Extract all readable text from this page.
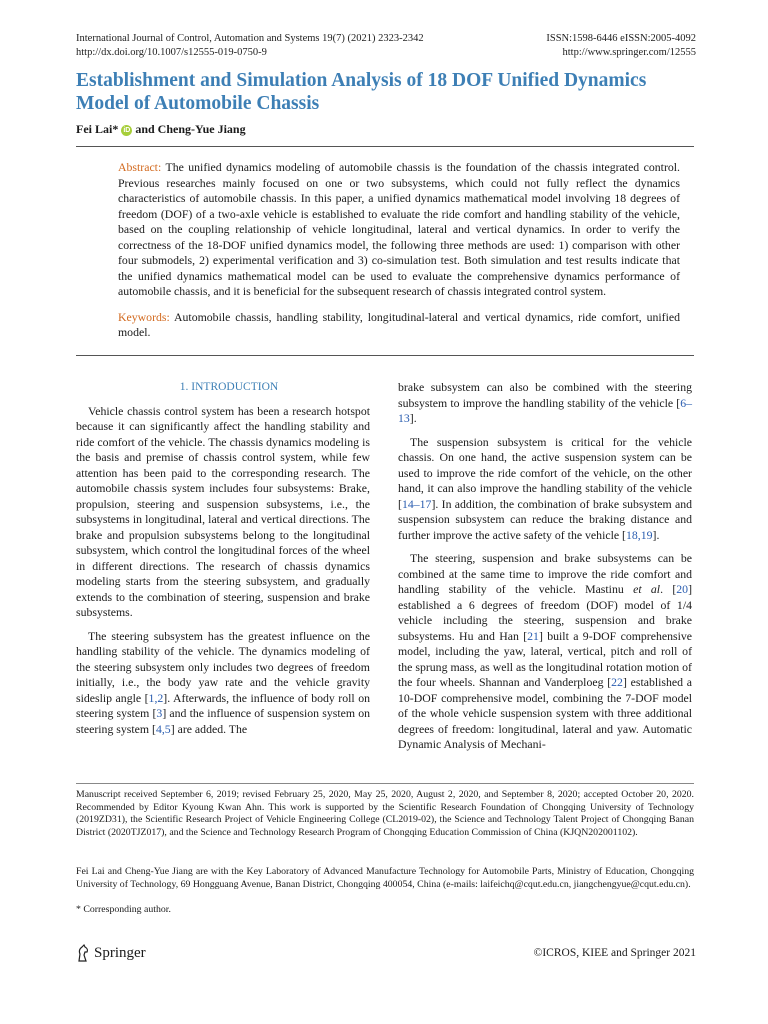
International Journal of Control, Automation and Systems 19(7) (2021) 2323-2342
http://dx.doi.org/10.1007/s12555-019-0750-9
ISSN:1598-6446 eISSN:2005-4092
http://www.springer.com/12555
Establishment and Simulation Analysis of 18 DOF Unified Dynamics
Model of Automobile Chassis
Fei Lai* iD and Cheng-Yue Jiang
Abstract: The unified dynamics modeling of automobile chassis is the foundation of the chassis integrated control. Previous researches mainly focused on one or two subsystems, which could not fully reflect the dynamics characteristics of automobile chassis. In this paper, a unified dynamics mathematical model involving 18 degrees of freedom (DOF) of a two-axle vehicle is established to evaluate the ride comfort and handling stability of the vehicle, based on the coupling relationship of vehicle longitudinal, lateral and vertical dynamics. In order to verify the correctness of the 18-DOF unified dynamics model, the following three methods are used: 1) comparison with other four submodels, 2) experimental verification and 3) co-simulation test. Both simulation and test results indicate that the unified dynamics mathematical model can be used to evaluate the comprehensive dynamics performance of automobile chassis, and it is beneficial for the subsequent research of chassis integrated control system.
Keywords: Automobile chassis, handling stability, longitudinal-lateral and vertical dynamics, ride comfort, unified model.

1. INTRODUCTION

Vehicle chassis control system has been a research hotspot because it can significantly affect the handling stability and ride comfort of the vehicle. The chassis dynamics modeling is the basis and premise of chassis control system, while few attention has been paid to the corresponding research. The automobile chassis system includes four subsystems: Brake, propulsion, steering and suspension subsystems, i.e., the subsystems in longitudinal, lateral and vertical directions. The brake and propulsion subsystems belong to the longitudinal subsystem, which control the longitudinal forces of the wheel in different directions. The research of chassis dynamics modeling starts from the steering subsystem, and gradually extends to the combination of steering, suspension and brake subsystems.

The steering subsystem has the greatest influence on the handling stability of the vehicle. The dynamics modeling of the steering subsystem only includes two degrees of freedom initially, i.e., the body yaw rate and the vehicle gravity sideslip angle [1,2]. Afterwards, the influence of body roll on steering system [3] and the influence of suspension system on steering system [4,5] are added. The

brake subsystem can also be combined with the steering subsystem to improve the handling stability of the vehicle [6–13].

The suspension subsystem is critical for the vehicle chassis. On one hand, the active suspension system can be used to improve the ride comfort of the vehicle, on the other hand, it can also improve the handling stability of the vehicle [14–17]. In addition, the combination of brake subsystem and suspension subsystem can reduce the braking distance and further improve the active safety of the vehicle [18,19].

The steering, suspension and brake subsystems can be combined at the same time to improve the ride comfort and handling stability of the vehicle. Mastinu et al. [20] established a 6 degrees of freedom (DOF) model of 1/4 vehicle including the steering, suspension and brake subsystems. Hu and Han [21] built a 9-DOF comprehensive model, including the yaw, lateral, vertical, pitch and roll of the sprung mass, as well as the longitudinal rotation motion of the four wheels. Shannan and Vanderploeg [22] established a 10-DOF comprehensive model, combining the 7-DOF model of the whole vehicle suspension system with three additional degrees of freedom: longitudinal, lateral and yaw. Automatic Dynamic Analysis of Mechani-

Manuscript received September 6, 2019; revised February 25, 2020, May 25, 2020, August 2, 2020, and September 8, 2020; accepted October 20, 2020. Recommended by Editor Kyoung Kwan Ahn. This work is supported by the Scientific Research Foundation of Chongqing University of Technology (2019ZD31), the Scientific Research Project of Vehicle Engineering College (CL2019-02), the Science and Technology Talent Project of Chongqing Banan District (2020TJZ017), and the Science and Technology Research Program of Chongqing Education Commission of China (KJQN202001102).
Fei Lai and Cheng-Yue Jiang are with the Key Laboratory of Advanced Manufacture Technology for Automobile Parts, Ministry of Education, Chongqing University of Technology, 69 Hongguang Avenue, Banan District, Chongqing 400054, China (e-mails: laifeichq@cqut.edu.cn, jiangchengyue@cqut.edu.cn).
* Corresponding author.
Springer	©ICROS, KIEE and Springer 2021
